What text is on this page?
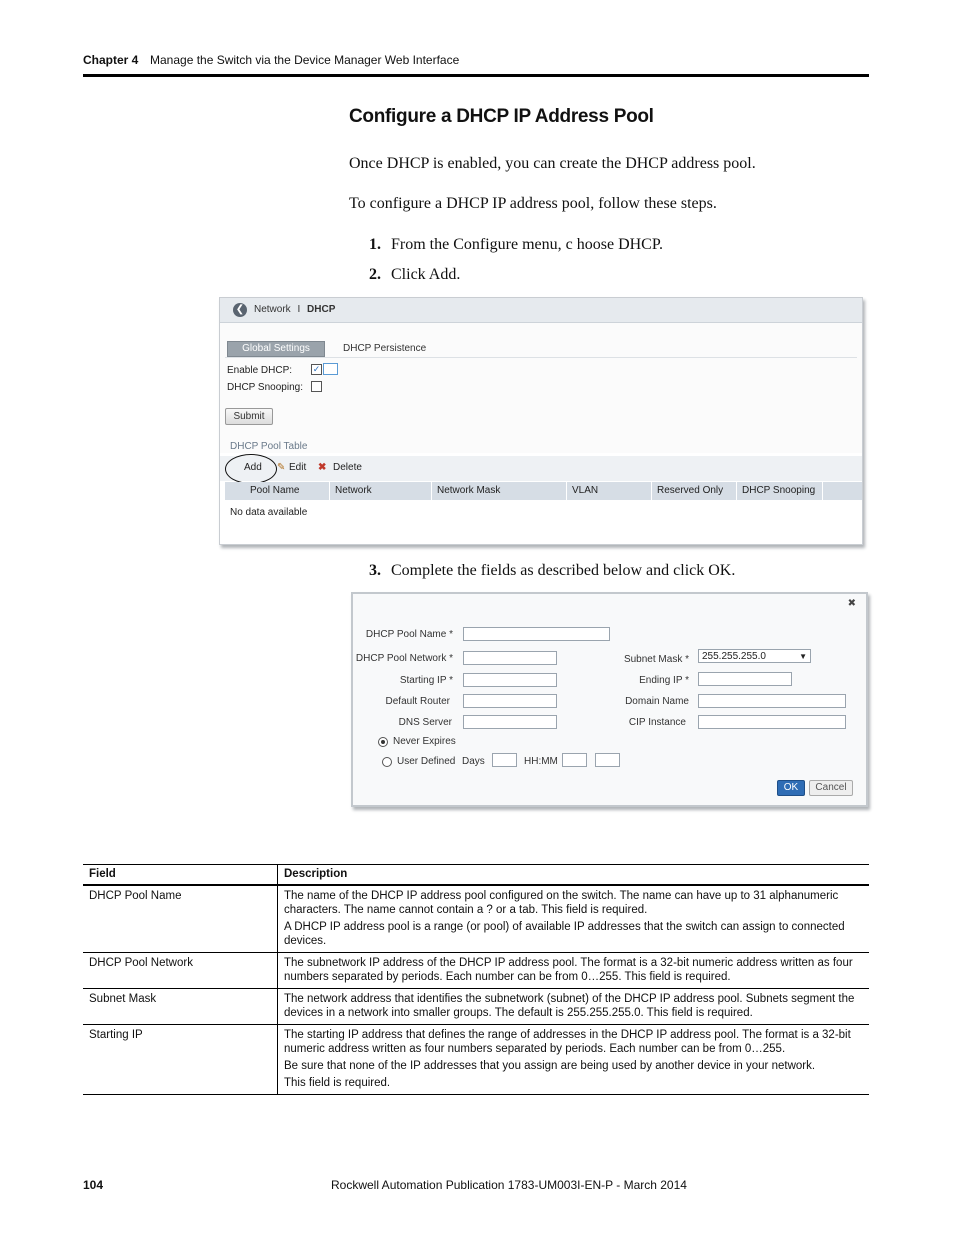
Chapter 4 Manage the Switch via the Device Manager Web Interface
Configure a DHCP IP Address Pool
Once DHCP is enabled, you can create the DHCP address pool.
To configure a DHCP IP address pool, follow these steps.
1. From the Configure menu, c hoose DHCP.
2. Click Add.
❮ Network I DHCP
Global Settings	DHCP Persistence
Enable DHCP: ✓
DHCP Snooping:
Submit
DHCP Pool Table
Add ✎ Edit ✖ Delete
Pool Name	Network	Network Mask	VLAN	Reserved Only DHCP Snooping
No data available
3. Complete the fields as described below and click OK.
✖
DHCP Pool Name *
DHCP Pool Network *
Starting IP *
Default Router
DNS Server
Subnet Mask *	255.255.255.0	▼
Ending IP *
Domain Name
CIP Instance
Never Expires
User Defined Days	HH:MM
OK	Cancel
Field	Description
DHCP Pool Name	The name of the DHCP IP address pool configured on the switch. The name can have up to 31 alphanumeric characters. The name cannot contain a ? or a tab. This field is required.

A DHCP IP address pool is a range (or pool) of available IP addresses that the switch can assign to connected devices.

DHCP Pool Network	The subnetwork IP address of the DHCP IP address pool. The format is a 32-bit numeric address written as four numbers separated by periods. Each number can be from 0…255. This field is required.

Subnet Mask	The network address that identifies the subnetwork (subnet) of the DHCP IP address pool. Subnets segment the devices in a network into smaller groups. The default is 255.255.255.0. This field is required.

Starting IP	The starting IP address that defines the range of addresses in the DHCP IP address pool. The format is a 32-bit numeric address written as four numbers separated by periods. Each number can be from 0…255.

Be sure that none of the IP addresses that you assign are being used by another device in your network.

This field is required.

104	Rockwell Automation Publication 1783-UM003I-EN-P - March 2014
